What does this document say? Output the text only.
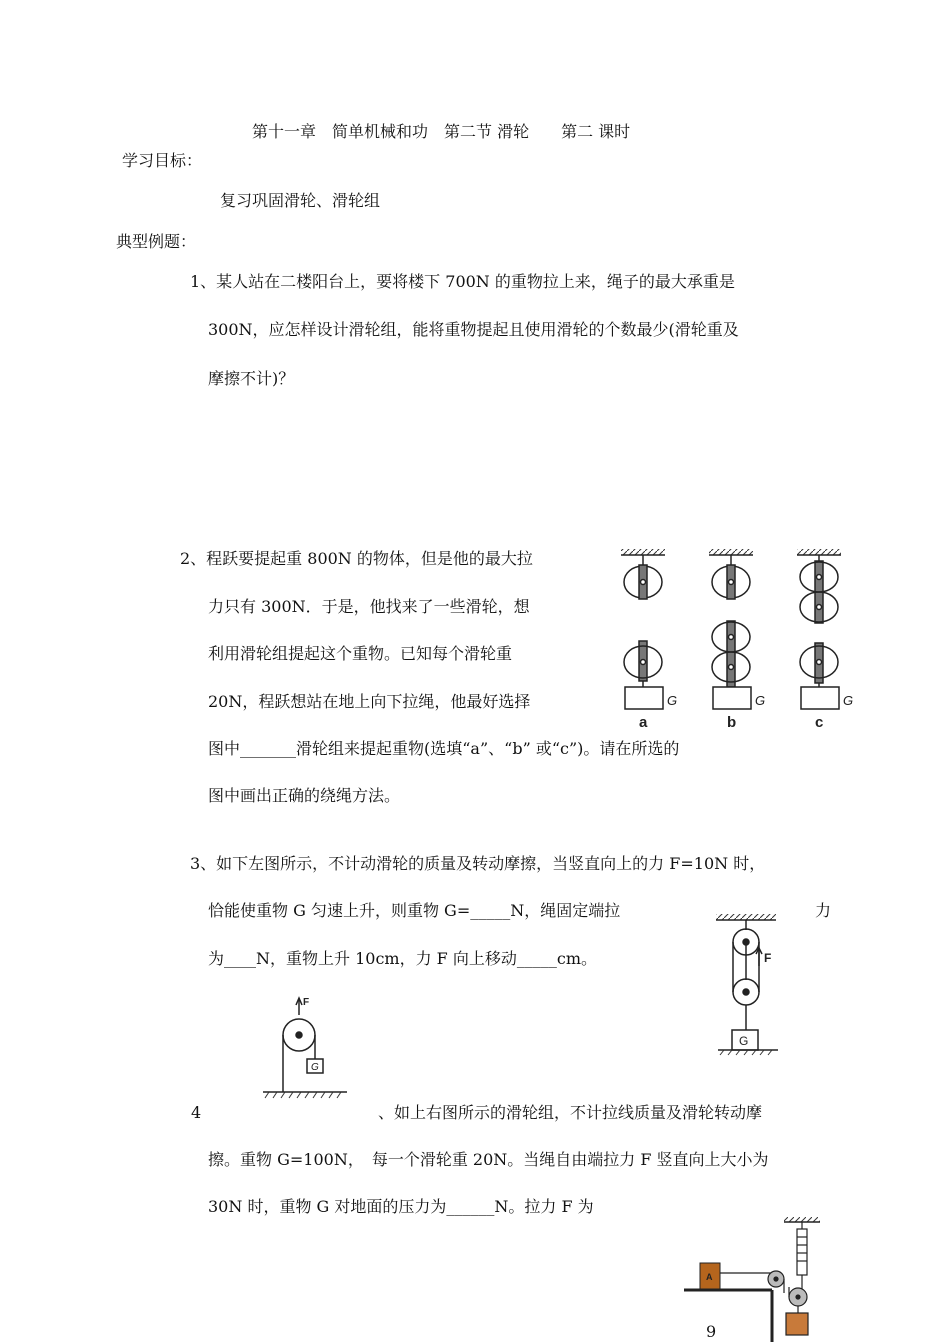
第十一章　简单机械和功　第二节 滑轮　　第二 课时
学习目标：
复习巩固滑轮、滑轮组
典型例题：
1、某人站在二楼阳台上，要将楼下 700N 的重物拉上来，绳子的最大承重是
300N，应怎样设计滑轮组，能将重物提起且使用滑轮的个数最少(滑轮重及
摩擦不计)？
2、程跃要提起重 800N 的物体，但是他的最大拉
力只有 300N．于是，他找来了一些滑轮，想
利用滑轮组提起这个重物。已知每个滑轮重
20N，程跃想站在地上向下拉绳，他最好选择
图中_______滑轮组来提起重物(选填“a”、“b” 或“c”)。请在所选的
图中画出正确的绕绳方法。
G	G	G
a	b	c
3、如下左图所示，不计动滑轮的质量及转动摩擦，当竖直向上的力 F=10N 时，
恰能使重物 G 匀速上升，则重物 G=_____N，绳固定端拉	力
为____N，重物上升 10cm，力 F 向上移动_____cm。	F
G
F
G
4	、如上右图所示的滑轮组，不计拉线质量及滑轮转动摩
擦。重物 G=100N，　每一个滑轮重 20N。当绳自由端拉力 F 竖直向上大小为
30N 时，重物 G 对地面的压力为______N。拉力 F 为
A
9
